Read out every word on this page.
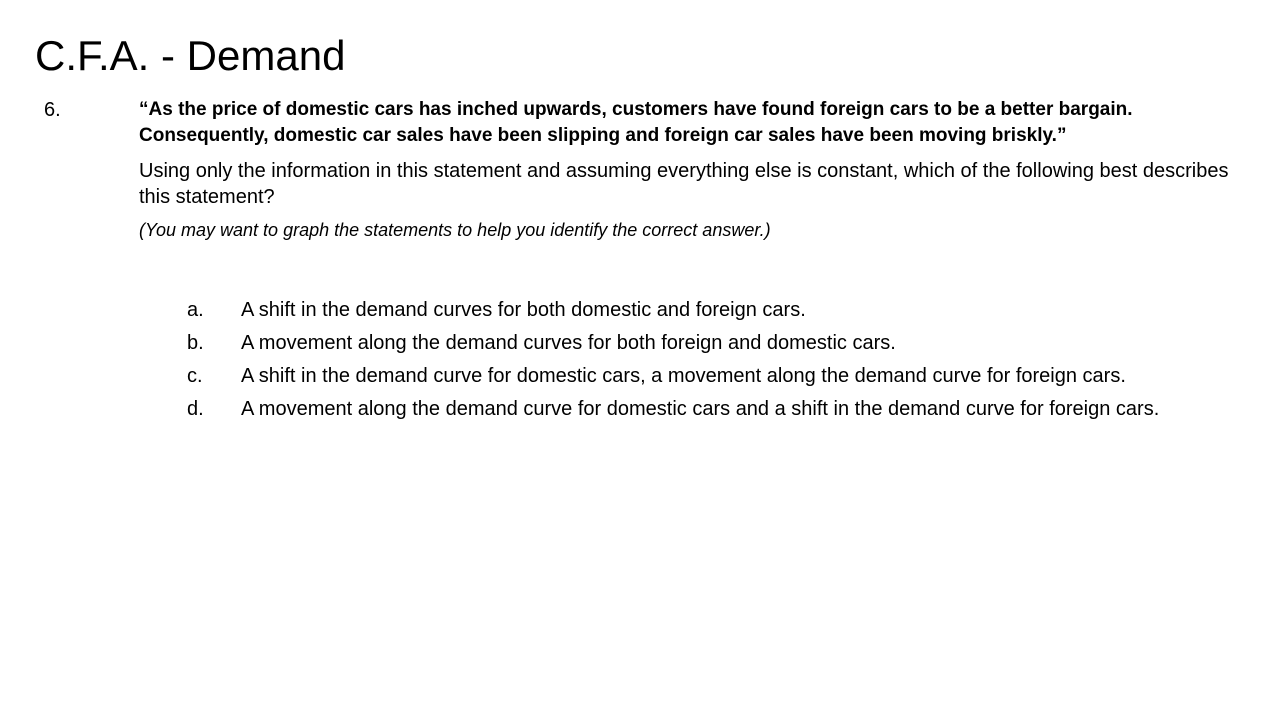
C.F.A. - Demand
6.	“As the price of domestic cars has inched upwards, customers have found foreign cars to be a better bargain. Consequently, domestic car sales have been slipping and foreign car sales have been moving briskly.”

Using only the information in this statement and assuming everything else is constant, which of the following best describes this statement?

(You may want to graph the statements to help you identify the correct answer.)

a.	A shift in the demand curves for both domestic and foreign cars.
b.	A movement along the demand curves for both foreign and domestic cars.
c.	A shift in the demand curve for domestic cars, a movement along the demand curve for foreign cars.
d.	A movement along the demand curve for domestic cars and a shift in the demand curve for foreign cars.
